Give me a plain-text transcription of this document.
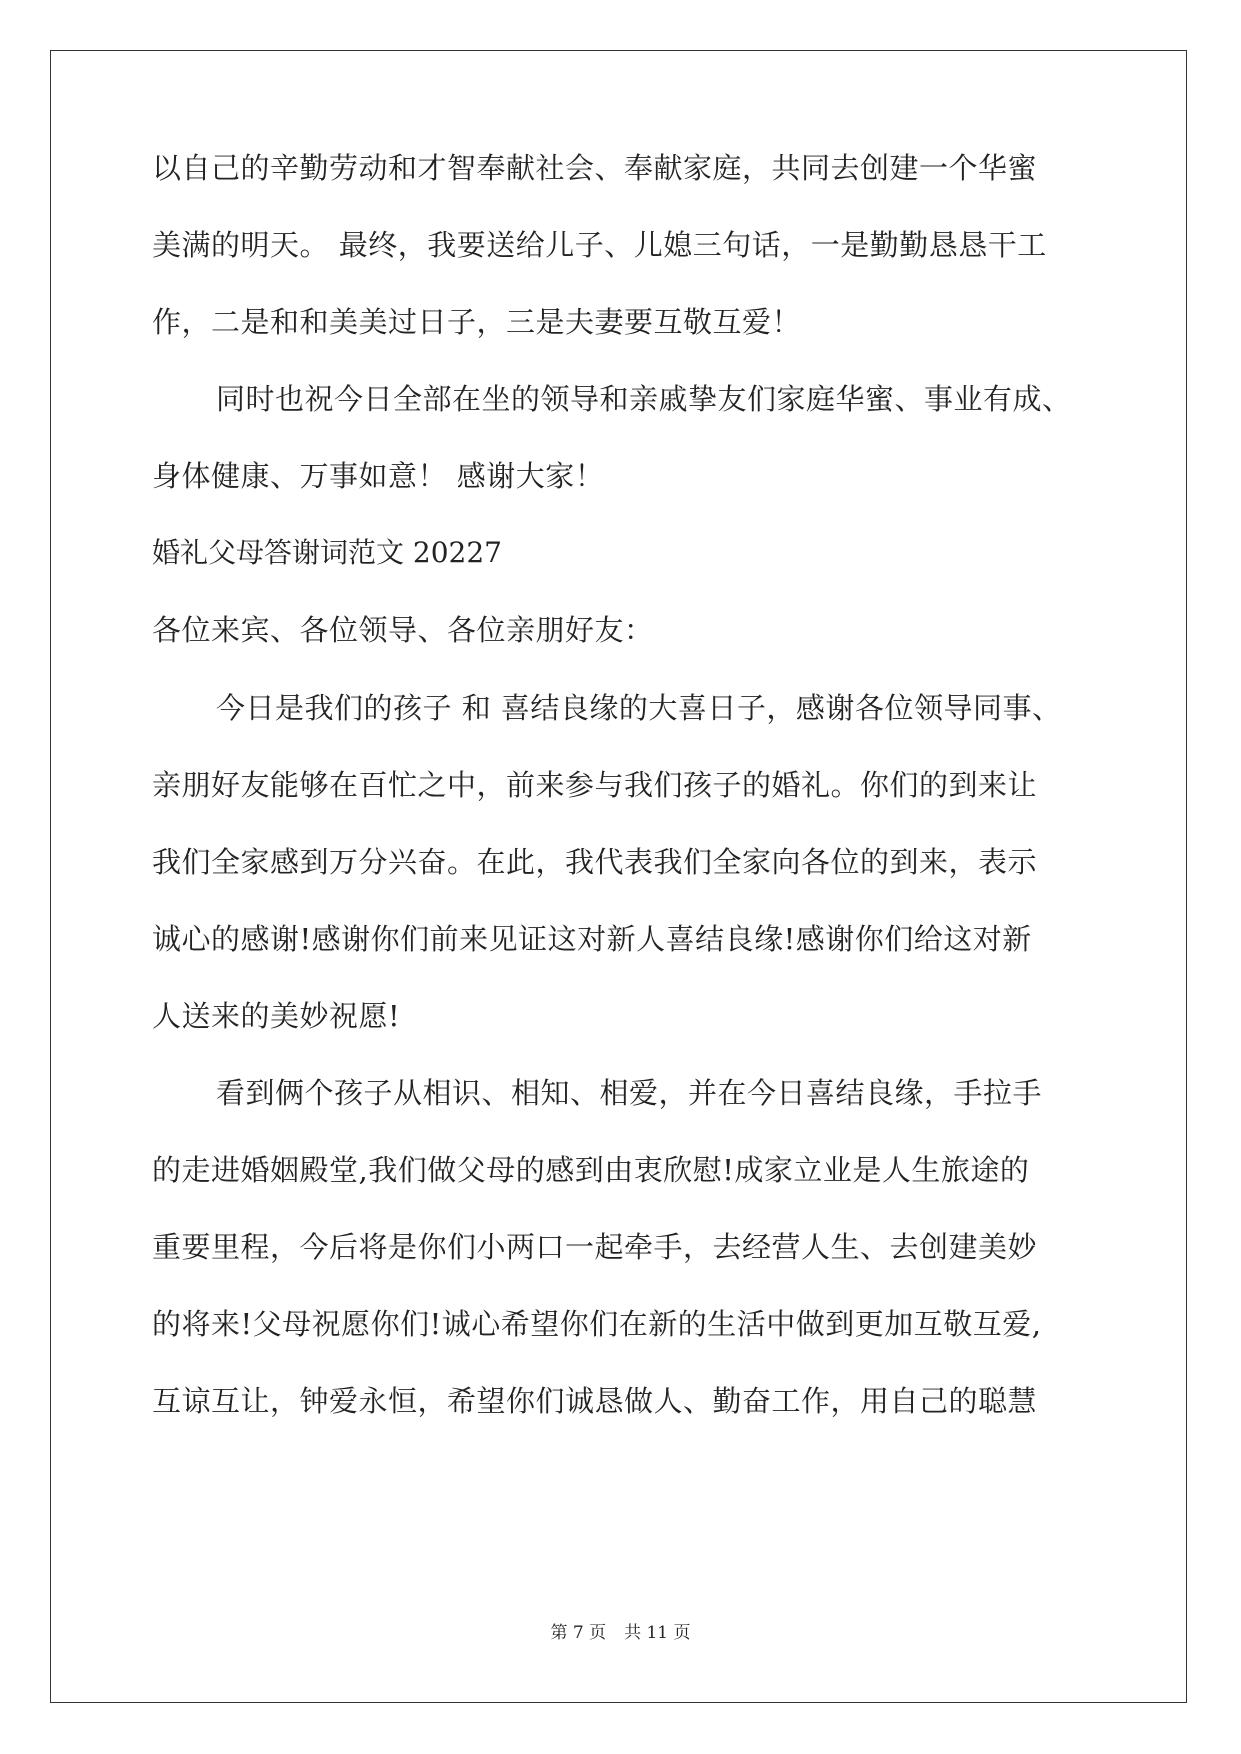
以自己的辛勤劳动和才智奉献社会、奉献家庭，共同去创建一个华蜜
美满的明天。 最终，我要送给儿子、儿媳三句话，一是勤勤恳恳干工
作，二是和和美美过日子，三是夫妻要互敬互爱！
同时也祝今日全部在坐的领导和亲戚挚友们家庭华蜜、事业有成、
身体健康、万事如意！ 感谢大家！
婚礼父母答谢词范文 20227
各位来宾、各位领导、各位亲朋好友：
今日是我们的孩子 和 喜结良缘的大喜日子，感谢各位领导同事、
亲朋好友能够在百忙之中，前来参与我们孩子的婚礼。你们的到来让
我们全家感到万分兴奋。在此，我代表我们全家向各位的到来，表示
诚心的感谢!感谢你们前来见证这对新人喜结良缘!感谢你们给这对新
人送来的美妙祝愿!
看到俩个孩子从相识、相知、相爱，并在今日喜结良缘，手拉手
的走进婚姻殿堂,我们做父母的感到由衷欣慰!成家立业是人生旅途的
重要里程，今后将是你们小两口一起牵手，去经营人生、去创建美妙
的将来!父母祝愿你们!诚心希望你们在新的生活中做到更加互敬互爱,
互谅互让，钟爱永恒，希望你们诚恳做人、勤奋工作，用自己的聪慧
第 7 页 共 11 页
